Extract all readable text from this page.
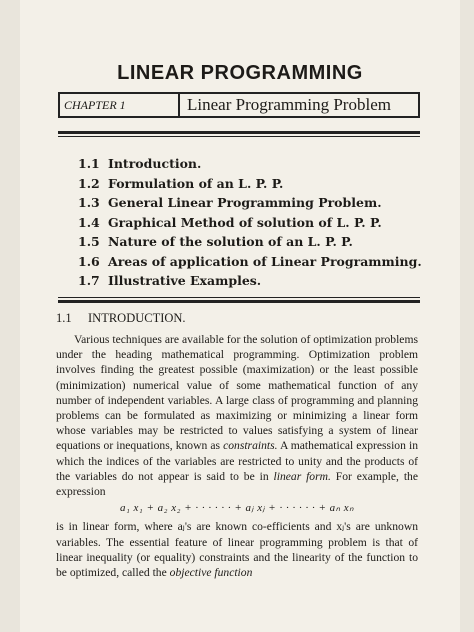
LINEAR PROGRAMMING
CHAPTER 1	Linear Programming Problem
1.1 Introduction.
1.2 Formulation of an L. P. P.
1.3 General Linear Programming Problem.
1.4 Graphical Method of solution of L. P. P.
1.5 Nature of the solution of an L. P. P.
1.6 Areas of application of Linear Programming.
1.7 Illustrative Examples.
1.1 INTRODUCTION.

Various techniques are available for the solution of optimization problems under the heading mathematical programming. Optimization problem involves finding the greatest possible (maximization) or the least possible (minimization) numerical value of some mathematical function of any number of independent variables. A large class of programming and planning problems can be formulated as maximizing or minimizing a linear form whose variables may be restricted to values satisfying a system of linear equations or inequations, known as constraints. A mathematical expression in which the indices of the variables are restricted to unity and the products of the variables do not appear is said to be in linear form. For example, the expression

a₁ x₁ + a₂ x₂ + · · · · · · + aⱼ xⱼ + · · · · · · + aₙ xₙ

is in linear form, where aⱼ's are known co-efficients and xⱼ's are unknown variables. The essential feature of linear programming problem is that of linear inequality (or equality) constraints and the linearity of the function to be optimized, called the objective function
